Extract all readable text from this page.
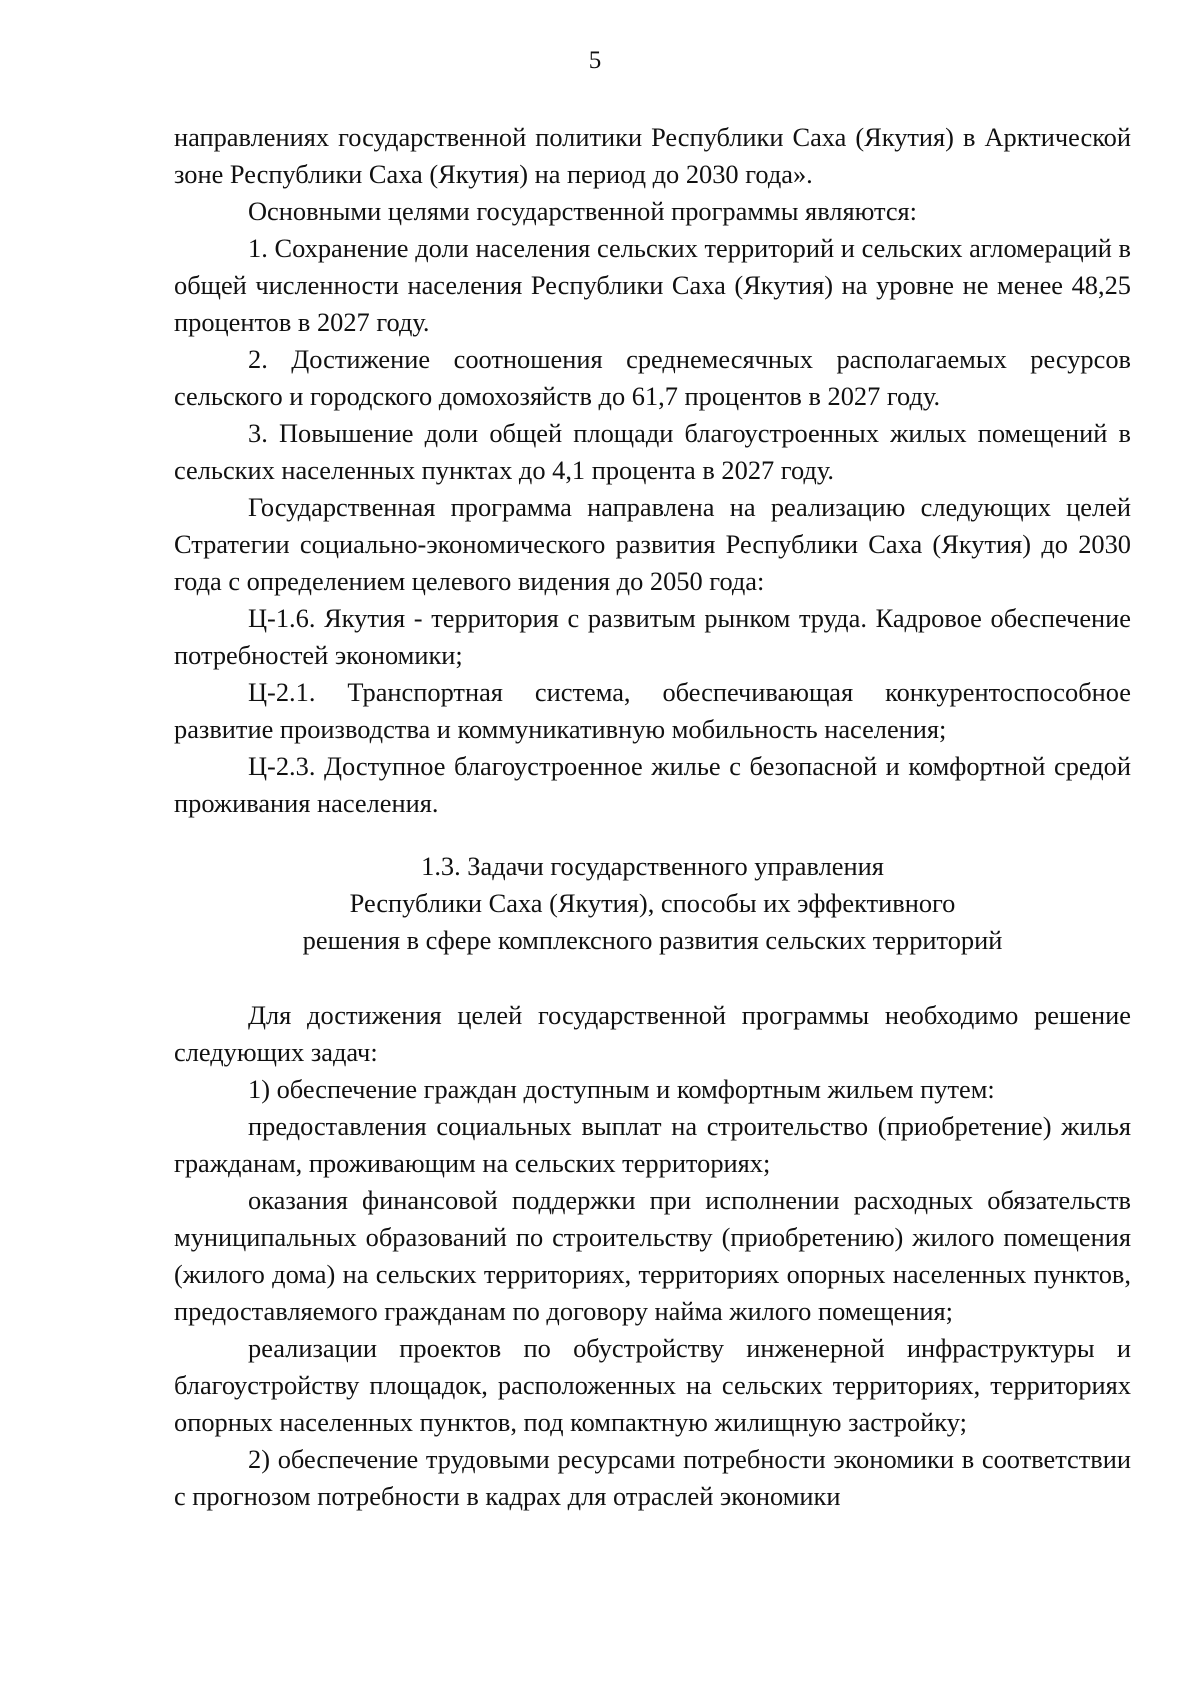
5

направлениях государственной политики Республики Саха (Якутия) в Арктической зоне Республики Саха (Якутия) на период до 2030 года».

Основными целями государственной программы являются:

1. Сохранение доли населения сельских территорий и сельских агломераций в общей численности населения Республики Саха (Якутия) на уровне не менее 48,25 процентов в 2027 году.

2. Достижение соотношения среднемесячных располагаемых ресурсов сельского и городского домохозяйств до 61,7 процентов в 2027 году.

3. Повышение доли общей площади благоустроенных жилых помещений в сельских населенных пунктах до 4,1 процента в 2027 году.

Государственная программа направлена на реализацию следующих целей Стратегии социально-экономического развития Республики Саха (Якутия) до 2030 года с определением целевого видения до 2050 года:

Ц-1.6. Якутия - территория с развитым рынком труда. Кадровое обеспечение потребностей экономики;

Ц-2.1. Транспортная система, обеспечивающая конкурентоспособное развитие производства и коммуникативную мобильность населения;

Ц-2.3. Доступное благоустроенное жилье с безопасной и комфортной средой проживания населения.

1.3. Задачи государственного управления
Республики Саха (Якутия), способы их эффективного
решения в сфере комплексного развития сельских территорий

Для достижения целей государственной программы необходимо решение следующих задач:

1) обеспечение граждан доступным и комфортным жильем путем:

предоставления социальных выплат на строительство (приобретение) жилья гражданам, проживающим на сельских территориях;

оказания финансовой поддержки при исполнении расходных обязательств муниципальных образований по строительству (приобретению) жилого помещения (жилого дома) на сельских территориях, территориях опорных населенных пунктов, предоставляемого гражданам по договору найма жилого помещения;

реализации проектов по обустройству инженерной инфраструктуры и благоустройству площадок, расположенных на сельских территориях, территориях опорных населенных пунктов, под компактную жилищную застройку;

2) обеспечение трудовыми ресурсами потребности экономики в соответствии с прогнозом потребности в кадрах для отраслей экономики
